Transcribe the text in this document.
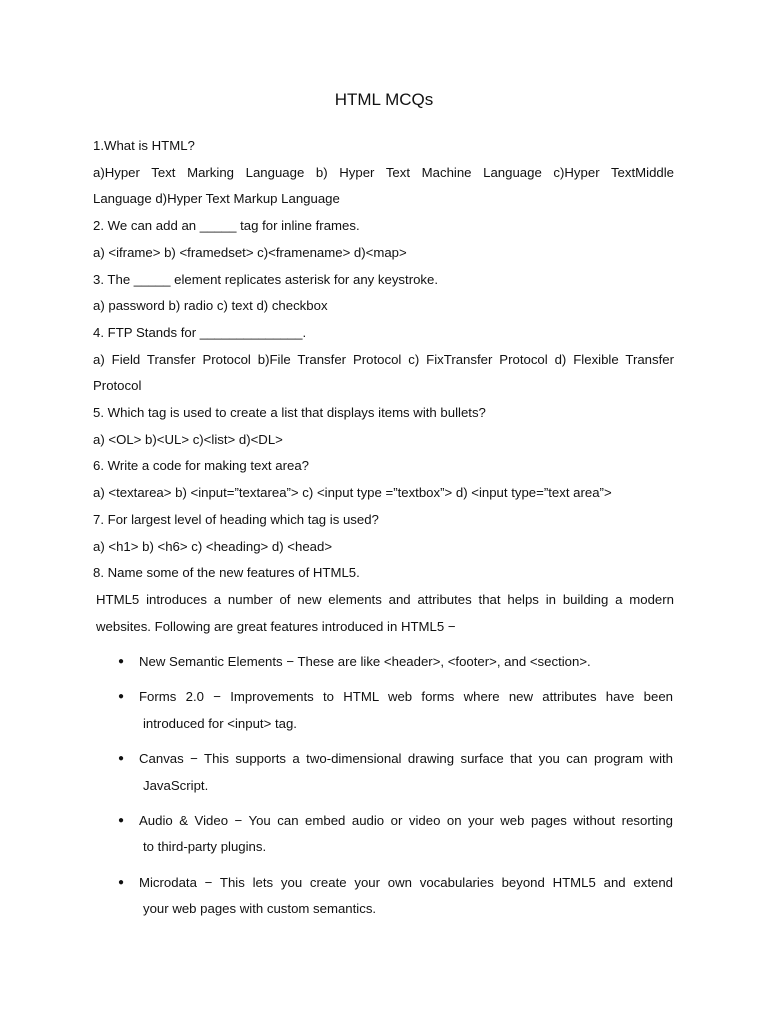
HTML MCQs
1.What is HTML?
a)Hyper Text Marking Language b) Hyper Text Machine Language c)Hyper TextMiddle
Language d)Hyper Text Markup Language
2. We can add an _____ tag for inline frames.
a) <iframe> b) <framedset> c)<framename> d)<map>
3. The _____ element replicates asterisk for any keystroke.
a) password b) radio c) text d) checkbox
4. FTP Stands for ______________.
a) Field Transfer Protocol b)File Transfer Protocol c) FixTransfer Protocol d) Flexible Transfer
Protocol
5. Which tag is used to create a list that displays items with bullets?
a) <OL> b)<UL> c)<list> d)<DL>
6. Write a code for making text area?
a) <textarea> b) <input=”textarea”> c) <input type =”textbox”> d) <input type=”text area”>
7. For largest level of heading which tag is used?
a) <h1> b) <h6> c) <heading> d) <head>
8. Name some of the new features of HTML5.
HTML5 introduces a number of new elements and attributes that helps in building a modern
websites. Following are great features introduced in HTML5 −
● New Semantic Elements − These are like <header>, <footer>, and <section>.
● Forms 2.0 − Improvements to HTML web forms where new attributes have been
introduced for <input> tag.
● Canvas − This supports a two-dimensional drawing surface that you can program with
JavaScript.
● Audio & Video − You can embed audio or video on your web pages without resorting
to third-party plugins.
● Microdata − This lets you create your own vocabularies beyond HTML5 and extend
your web pages with custom semantics.
